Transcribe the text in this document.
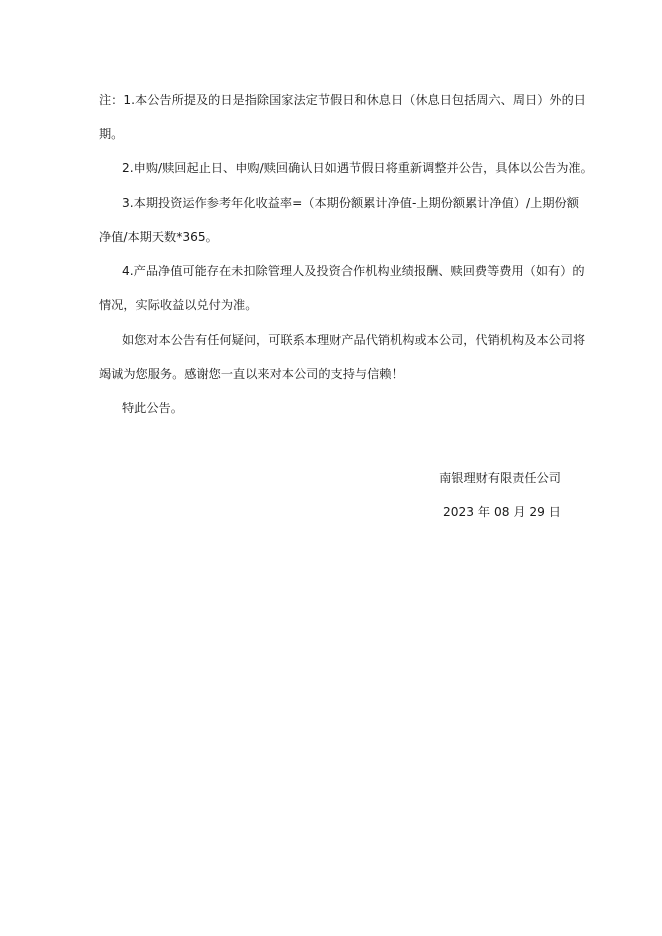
注：1.本公告所提及的日是指除国家法定节假日和休息日（休息日包括周六、周日）外的日
期。
2.申购/赎回起止日、申购/赎回确认日如遇节假日将重新调整并公告，具体以公告为准。
3.本期投资运作参考年化收益率=（本期份额累计净值-上期份额累计净值）/上期份额
净值/本期天数*365。
4.产品净值可能存在未扣除管理人及投资合作机构业绩报酬、赎回费等费用（如有）的
情况，实际收益以兑付为准。
如您对本公告有任何疑问，可联系本理财产品代销机构或本公司，代销机构及本公司将
竭诚为您服务。感谢您一直以来对本公司的支持与信赖！
特此公告。
南银理财有限责任公司
2023 年 08 月 29 日
